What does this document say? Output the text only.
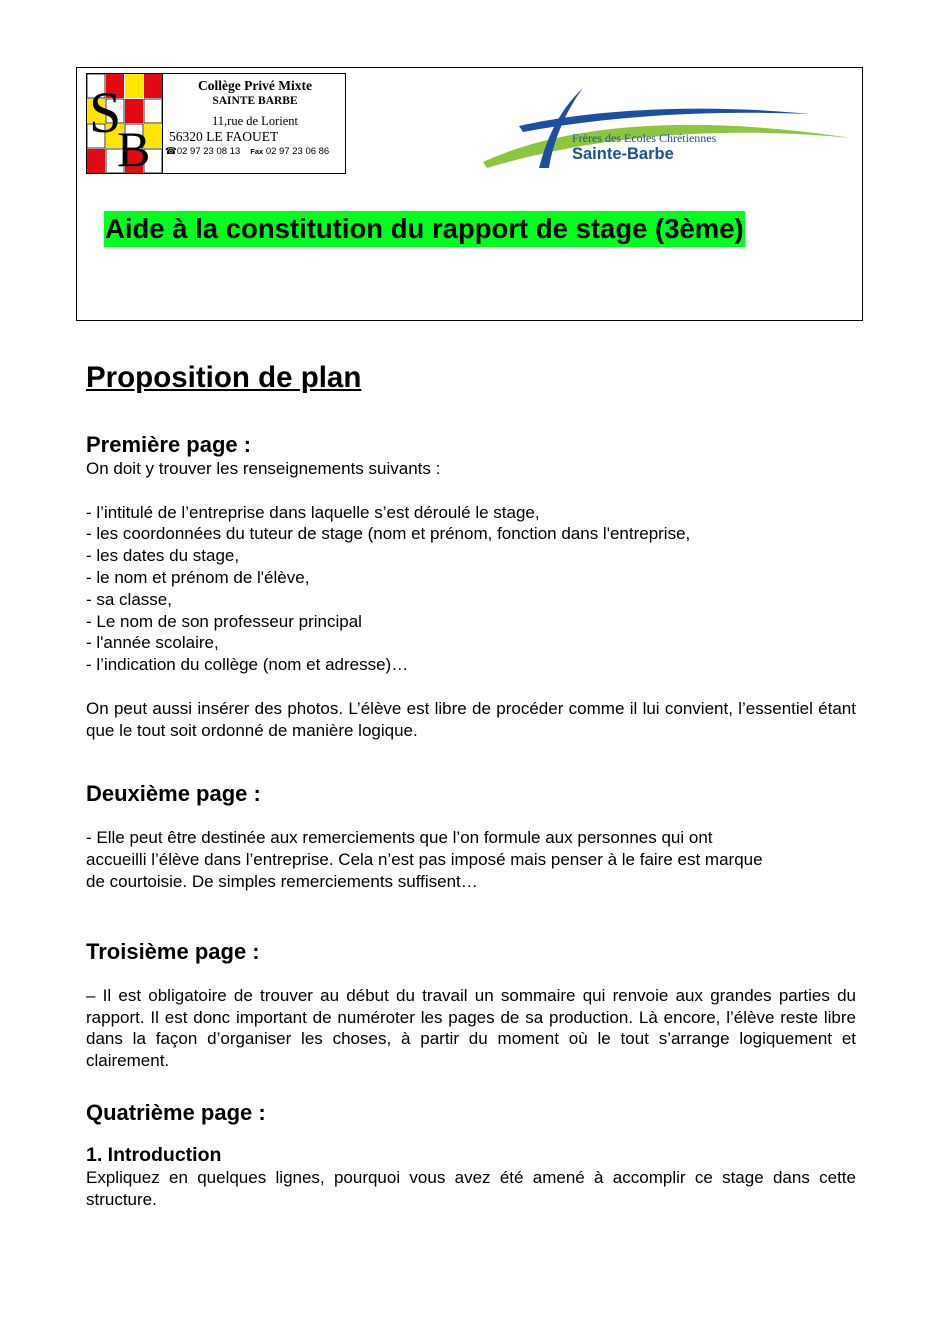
S
B
Collège Privé Mixte
SAINTE BARBE
11,rue de Lorient
56320 LE FAOUET
☎02 97 23 08 13 Fax 02 97 23 06 86
Frères des Ecoles Chrétiennes
Sainte-Barbe
Aide à la constitution du rapport de stage (3ème)
Proposition de plan
Première page :
On doit y trouver les renseignements suivants :
- l’intitulé de l’entreprise dans laquelle s’est déroulé le stage,
- les coordonnées du tuteur de stage (nom et prénom, fonction dans l'entreprise,
- les dates du stage,
- le nom et prénom de l'élève,
- sa classe,
- Le nom de son professeur principal
- l'année scolaire,
- l’indication du collège (nom et adresse)…

On peut aussi insérer des photos. L’élève est libre de procéder comme il lui convient, l’essentiel étant que le tout soit ordonné de manière logique.

Deuxième page :
- Elle peut être destinée aux remerciements que l’on formule aux personnes qui ont
accueilli l’élève dans l’entreprise. Cela n’est pas imposé mais penser à le faire est marque
de courtoisie. De simples remerciements suffisent…
Troisième page :

– Il est obligatoire de trouver au début du travail un sommaire qui renvoie aux grandes parties du rapport. Il est donc important de numéroter les pages de sa production. Là encore, l’élève reste libre dans la façon d’organiser les choses, à partir du moment où le tout s’arrange logiquement et clairement.

Quatrième page :
1. Introduction

Expliquez en quelques lignes, pourquoi vous avez été amené à accomplir ce stage dans cette structure.
